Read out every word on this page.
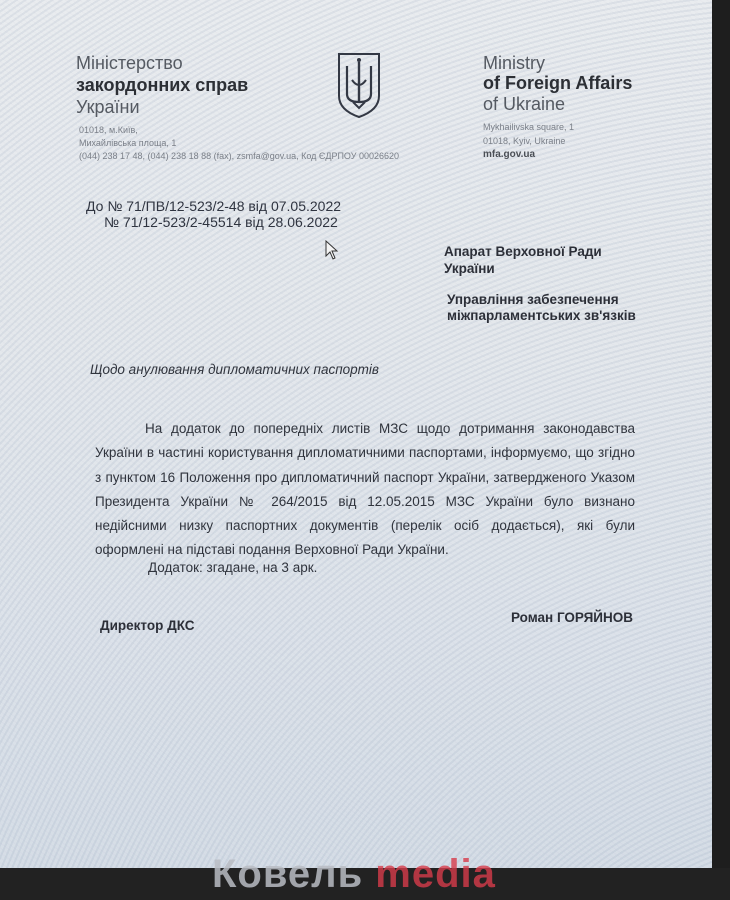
Міністерство
закордонних справ
України
01018, м.Київ,
Михайлівська площа, 1
(044) 238 17 48, (044) 238 18 88 (fax), zsmfa@gov.ua, Код ЄДРПОУ 00026620
Ministry
of Foreign Affairs
of Ukraine
Mykhailivska square, 1
01018, Kyiv, Ukraine
mfa.gov.ua
До № 71/ПВ/12-523/2-48 від 07.05.2022
№ 71/12-523/2-45514 від 28.06.2022
Апарат Верховної Ради
України
Управління забезпечення
міжпарламентських зв'язків
Щодо анулювання дипломатичних паспортів
На додаток до попередніх листів МЗС щодо дотримання законодавства України в частині користування дипломатичними паспортами, інформуємо, що згідно з пунктом 16 Положення про дипломатичний паспорт України, затвердженого Указом Президента України № 264/2015 від 12.05.2015 МЗС України було визнано недійсними низку паспортних документів (перелік осіб додається), які були оформлені на підставі подання Верховної Ради України.
Додаток: згадане, на 3 арк.
Директор ДКС
Роман ГОРЯЙНОВ
Ковель media
